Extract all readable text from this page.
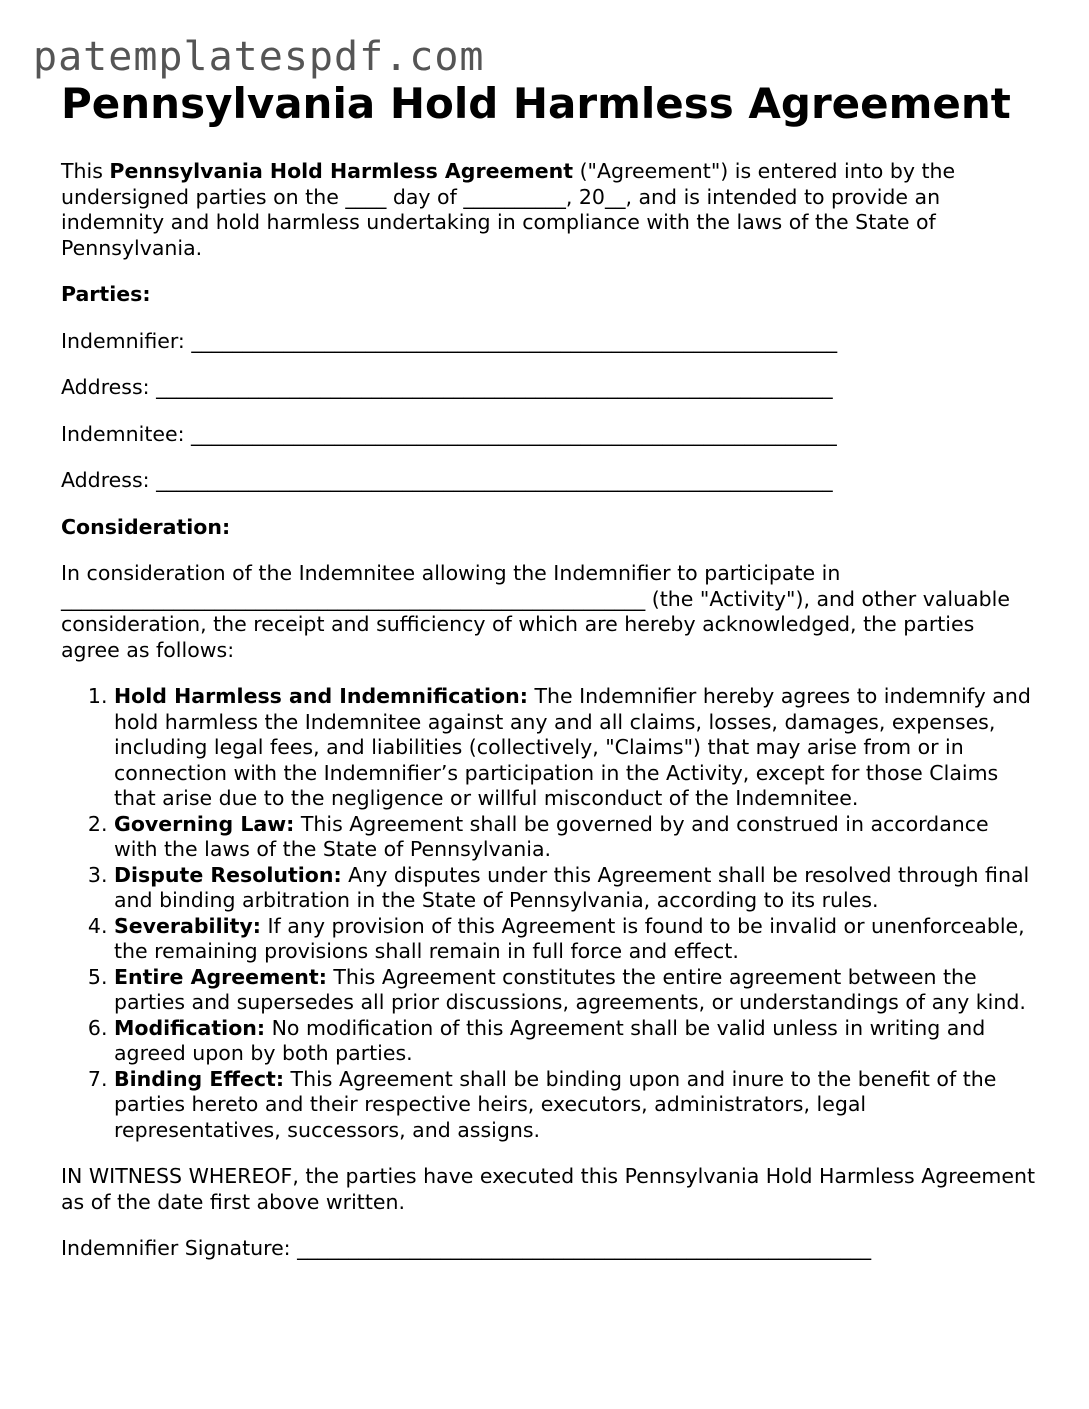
patemplatespdf.com
Pennsylvania Hold Harmless Agreement

This Pennsylvania Hold Harmless Agreement ("Agreement") is entered into by the undersigned parties on the ____ day of __________, 20__, and is intended to provide an indemnity and hold harmless undertaking in compliance with the laws of the State of Pennsylvania.

Parties:

Indemnifier: _______________________________________________________________

Address: __________________________________________________________________

Indemnitee: _______________________________________________________________

Address: __________________________________________________________________

Consideration:

In consideration of the Indemnitee allowing the Indemnifier to participate in _________________________________________________________ (the "Activity"), and other valuable consideration, the receipt and sufficiency of which are hereby acknowledged, the parties agree as follows:

1. Hold Harmless and Indemnification: The Indemnifier hereby agrees to indemnify and hold harmless the Indemnitee against any and all claims, losses, damages, expenses, including legal fees, and liabilities (collectively, "Claims") that may arise from or in connection with the Indemnifier’s participation in the Activity, except for those Claims that arise due to the negligence or willful misconduct of the Indemnitee.
2. Governing Law: This Agreement shall be governed by and construed in accordance with the laws of the State of Pennsylvania.
3. Dispute Resolution: Any disputes under this Agreement shall be resolved through final and binding arbitration in the State of Pennsylvania, according to its rules.
4. Severability: If any provision of this Agreement is found to be invalid or unenforceable, the remaining provisions shall remain in full force and effect.
5. Entire Agreement: This Agreement constitutes the entire agreement between the parties and supersedes all prior discussions, agreements, or understandings of any kind.
6. Modification: No modification of this Agreement shall be valid unless in writing and agreed upon by both parties.
7. Binding Effect: This Agreement shall be binding upon and inure to the benefit of the parties hereto and their respective heirs, executors, administrators, legal representatives, successors, and assigns.

IN WITNESS WHEREOF, the parties have executed this Pennsylvania Hold Harmless Agreement as of the date first above written.

Indemnifier Signature: ________________________________________________________
